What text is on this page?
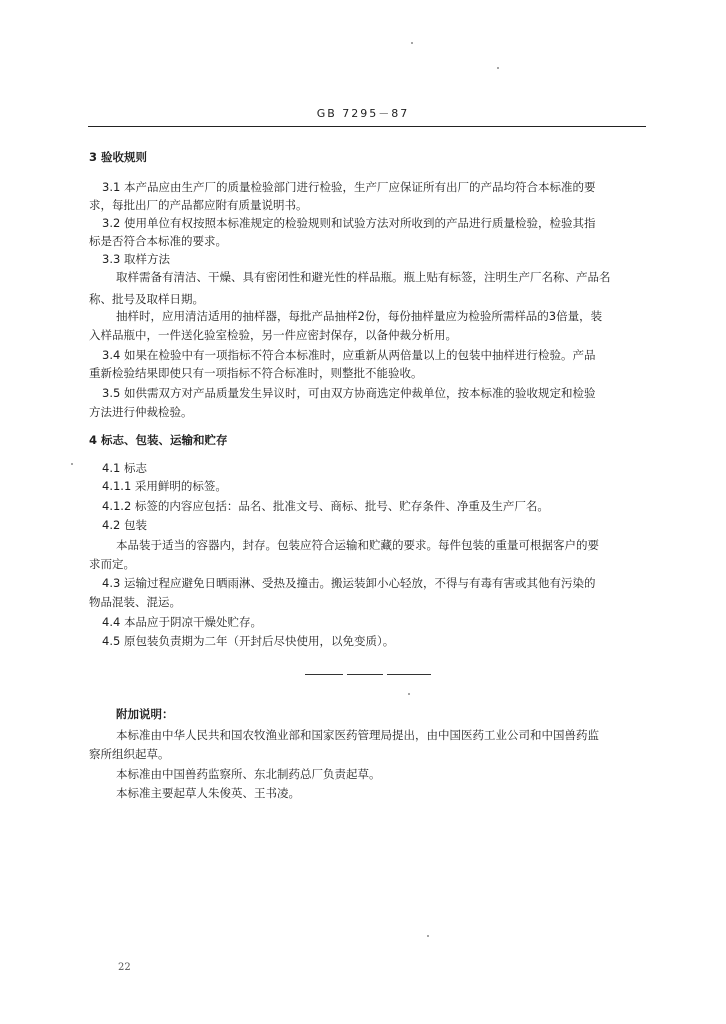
GB 7295－87
3 验收规则
3.1 本产品应由生产厂的质量检验部门进行检验，生产厂应保证所有出厂的产品均符合本标准的要
求，每批出厂的产品都应附有质量说明书。
3.2 使用单位有权按照本标准规定的检验规则和试验方法对所收到的产品进行质量检验，检验其指
标是否符合本标准的要求。
3.3 取样方法
取样需备有清洁、干燥、具有密闭性和避光性的样品瓶。瓶上贴有标签，注明生产厂名称、产品名
称、批号及取样日期。
抽样时，应用清洁适用的抽样器，每批产品抽样2份，每份抽样量应为检验所需样品的3倍量，装
入样品瓶中，一件送化验室检验，另一件应密封保存，以备仲裁分析用。
3.4 如果在检验中有一项指标不符合本标准时，应重新从两倍量以上的包装中抽样进行检验。产品
重新检验结果即使只有一项指标不符合标准时，则整批不能验收。
3.5 如供需双方对产品质量发生异议时，可由双方协商选定仲裁单位，按本标准的验收规定和检验
方法进行仲裁检验。
4 标志、包装、运输和贮存
4.1 标志
4.1.1 采用鲜明的标签。
4.1.2 标签的内容应包括：品名、批准文号、商标、批号、贮存条件、净重及生产厂名。
4.2 包装
本品装于适当的容器内，封存。包装应符合运输和贮藏的要求。每件包装的重量可根据客户的要
求而定。
4.3 运输过程应避免日晒雨淋、受热及撞击。搬运装卸小心轻放，不得与有毒有害或其他有污染的
物品混装、混运。
4.4 本品应于阴凉干燥处贮存。
4.5 原包装负责期为二年（开封后尽快使用，以免变质）。
附加说明：
本标准由中华人民共和国农牧渔业部和国家医药管理局提出，由中国医药工业公司和中国兽药监
察所组织起草。
本标准由中国兽药监察所、东北制药总厂负责起草。
本标准主要起草人朱俊英、王书凌。
22
